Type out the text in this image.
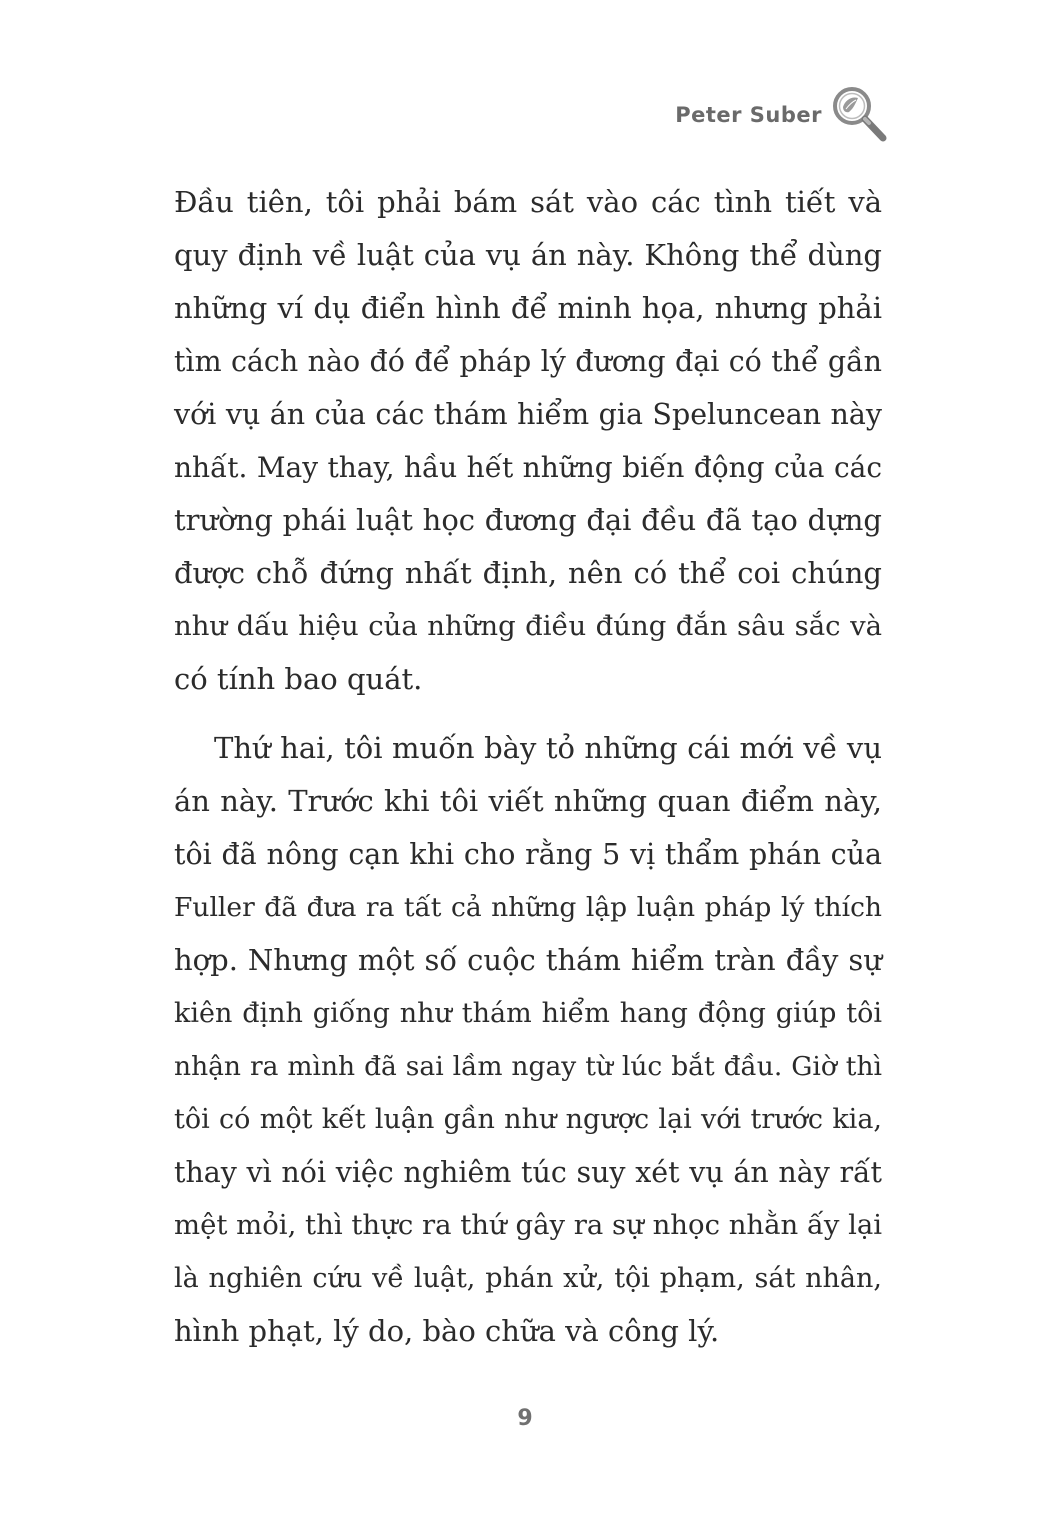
Peter Suber

Đầu tiên, tôi phải bám sát vào các tình tiết và
quy định về luật của vụ án này. Không thể dùng
những ví dụ điển hình để minh họa, nhưng phải
tìm cách nào đó để pháp lý đương đại có thể gần
với vụ án của các thám hiểm gia Speluncean này
nhất. May thay, hầu hết những biến động của các
trường phái luật học đương đại đều đã tạo dựng
được chỗ đứng nhất định, nên có thể coi chúng
như dấu hiệu của những điều đúng đắn sâu sắc và
có tính bao quát.

Thứ hai, tôi muốn bày tỏ những cái mới về vụ
án này. Trước khi tôi viết những quan điểm này,
tôi đã nông cạn khi cho rằng 5 vị thẩm phán của
Fuller đã đưa ra tất cả những lập luận pháp lý thích
hợp. Nhưng một số cuộc thám hiểm tràn đầy sự
kiên định giống như thám hiểm hang động giúp tôi
nhận ra mình đã sai lầm ngay từ lúc bắt đầu. Giờ thì
tôi có một kết luận gần như ngược lại với trước kia,
thay vì nói việc nghiêm túc suy xét vụ án này rất
mệt mỏi, thì thực ra thứ gây ra sự nhọc nhằn ấy lại
là nghiên cứu về luật, phán xử, tội phạm, sát nhân,
hình phạt, lý do, bào chữa và công lý.

9
